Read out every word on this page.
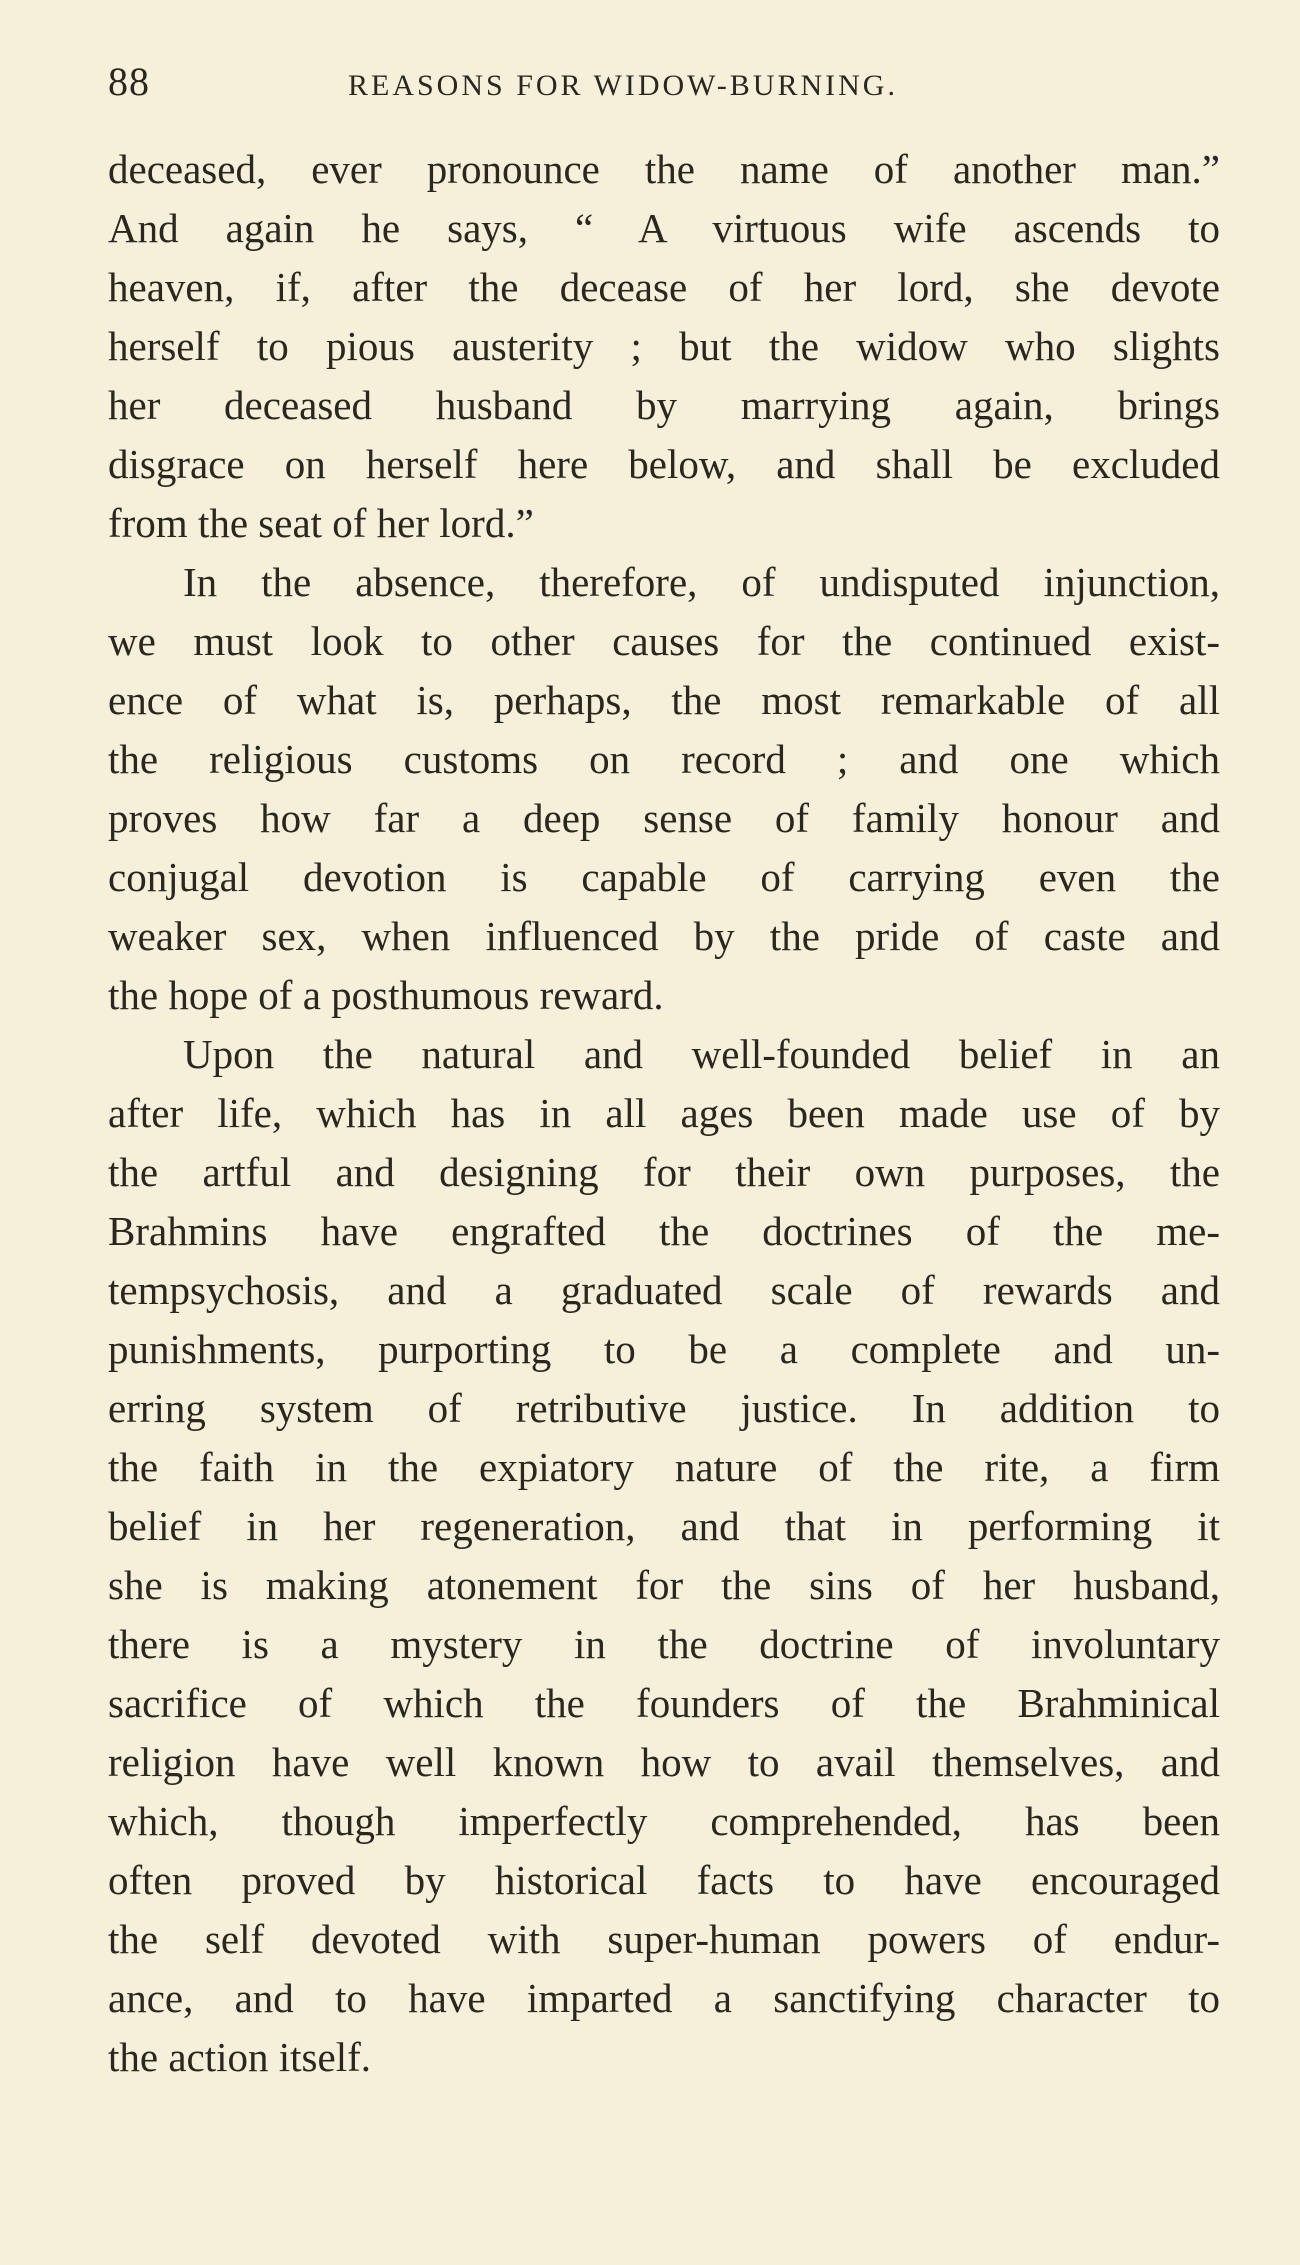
88	REASONS FOR WIDOW-BURNING.
deceased, ever pronounce the name of another man.”
And again he says, “ A virtuous wife ascends to
heaven, if, after the decease of her lord, she devote
herself to pious austerity ; but the widow who slights
her deceased husband by marrying again, brings
disgrace on herself here below, and shall be excluded
from the seat of her lord.”
In the absence, therefore, of undisputed injunction,
we must look to other causes for the continued exist-
ence of what is, perhaps, the most remarkable of all
the religious customs on record ; and one which
proves how far a deep sense of family honour and
conjugal devotion is capable of carrying even the
weaker sex, when influenced by the pride of caste and
the hope of a posthumous reward.
Upon the natural and well-founded belief in an
after life, which has in all ages been made use of by
the artful and designing for their own purposes, the
Brahmins have engrafted the doctrines of the me-
tempsychosis, and a graduated scale of rewards and
punishments, purporting to be a complete and un-
erring system of retributive justice. In addition to
the faith in the expiatory nature of the rite, a firm
belief in her regeneration, and that in performing it
she is making atonement for the sins of her husband,
there is a mystery in the doctrine of involuntary
sacrifice of which the founders of the Brahminical
religion have well known how to avail themselves, and
which, though imperfectly comprehended, has been
often proved by historical facts to have encouraged
the self devoted with super-human powers of endur-
ance, and to have imparted a sanctifying character to
the action itself.
